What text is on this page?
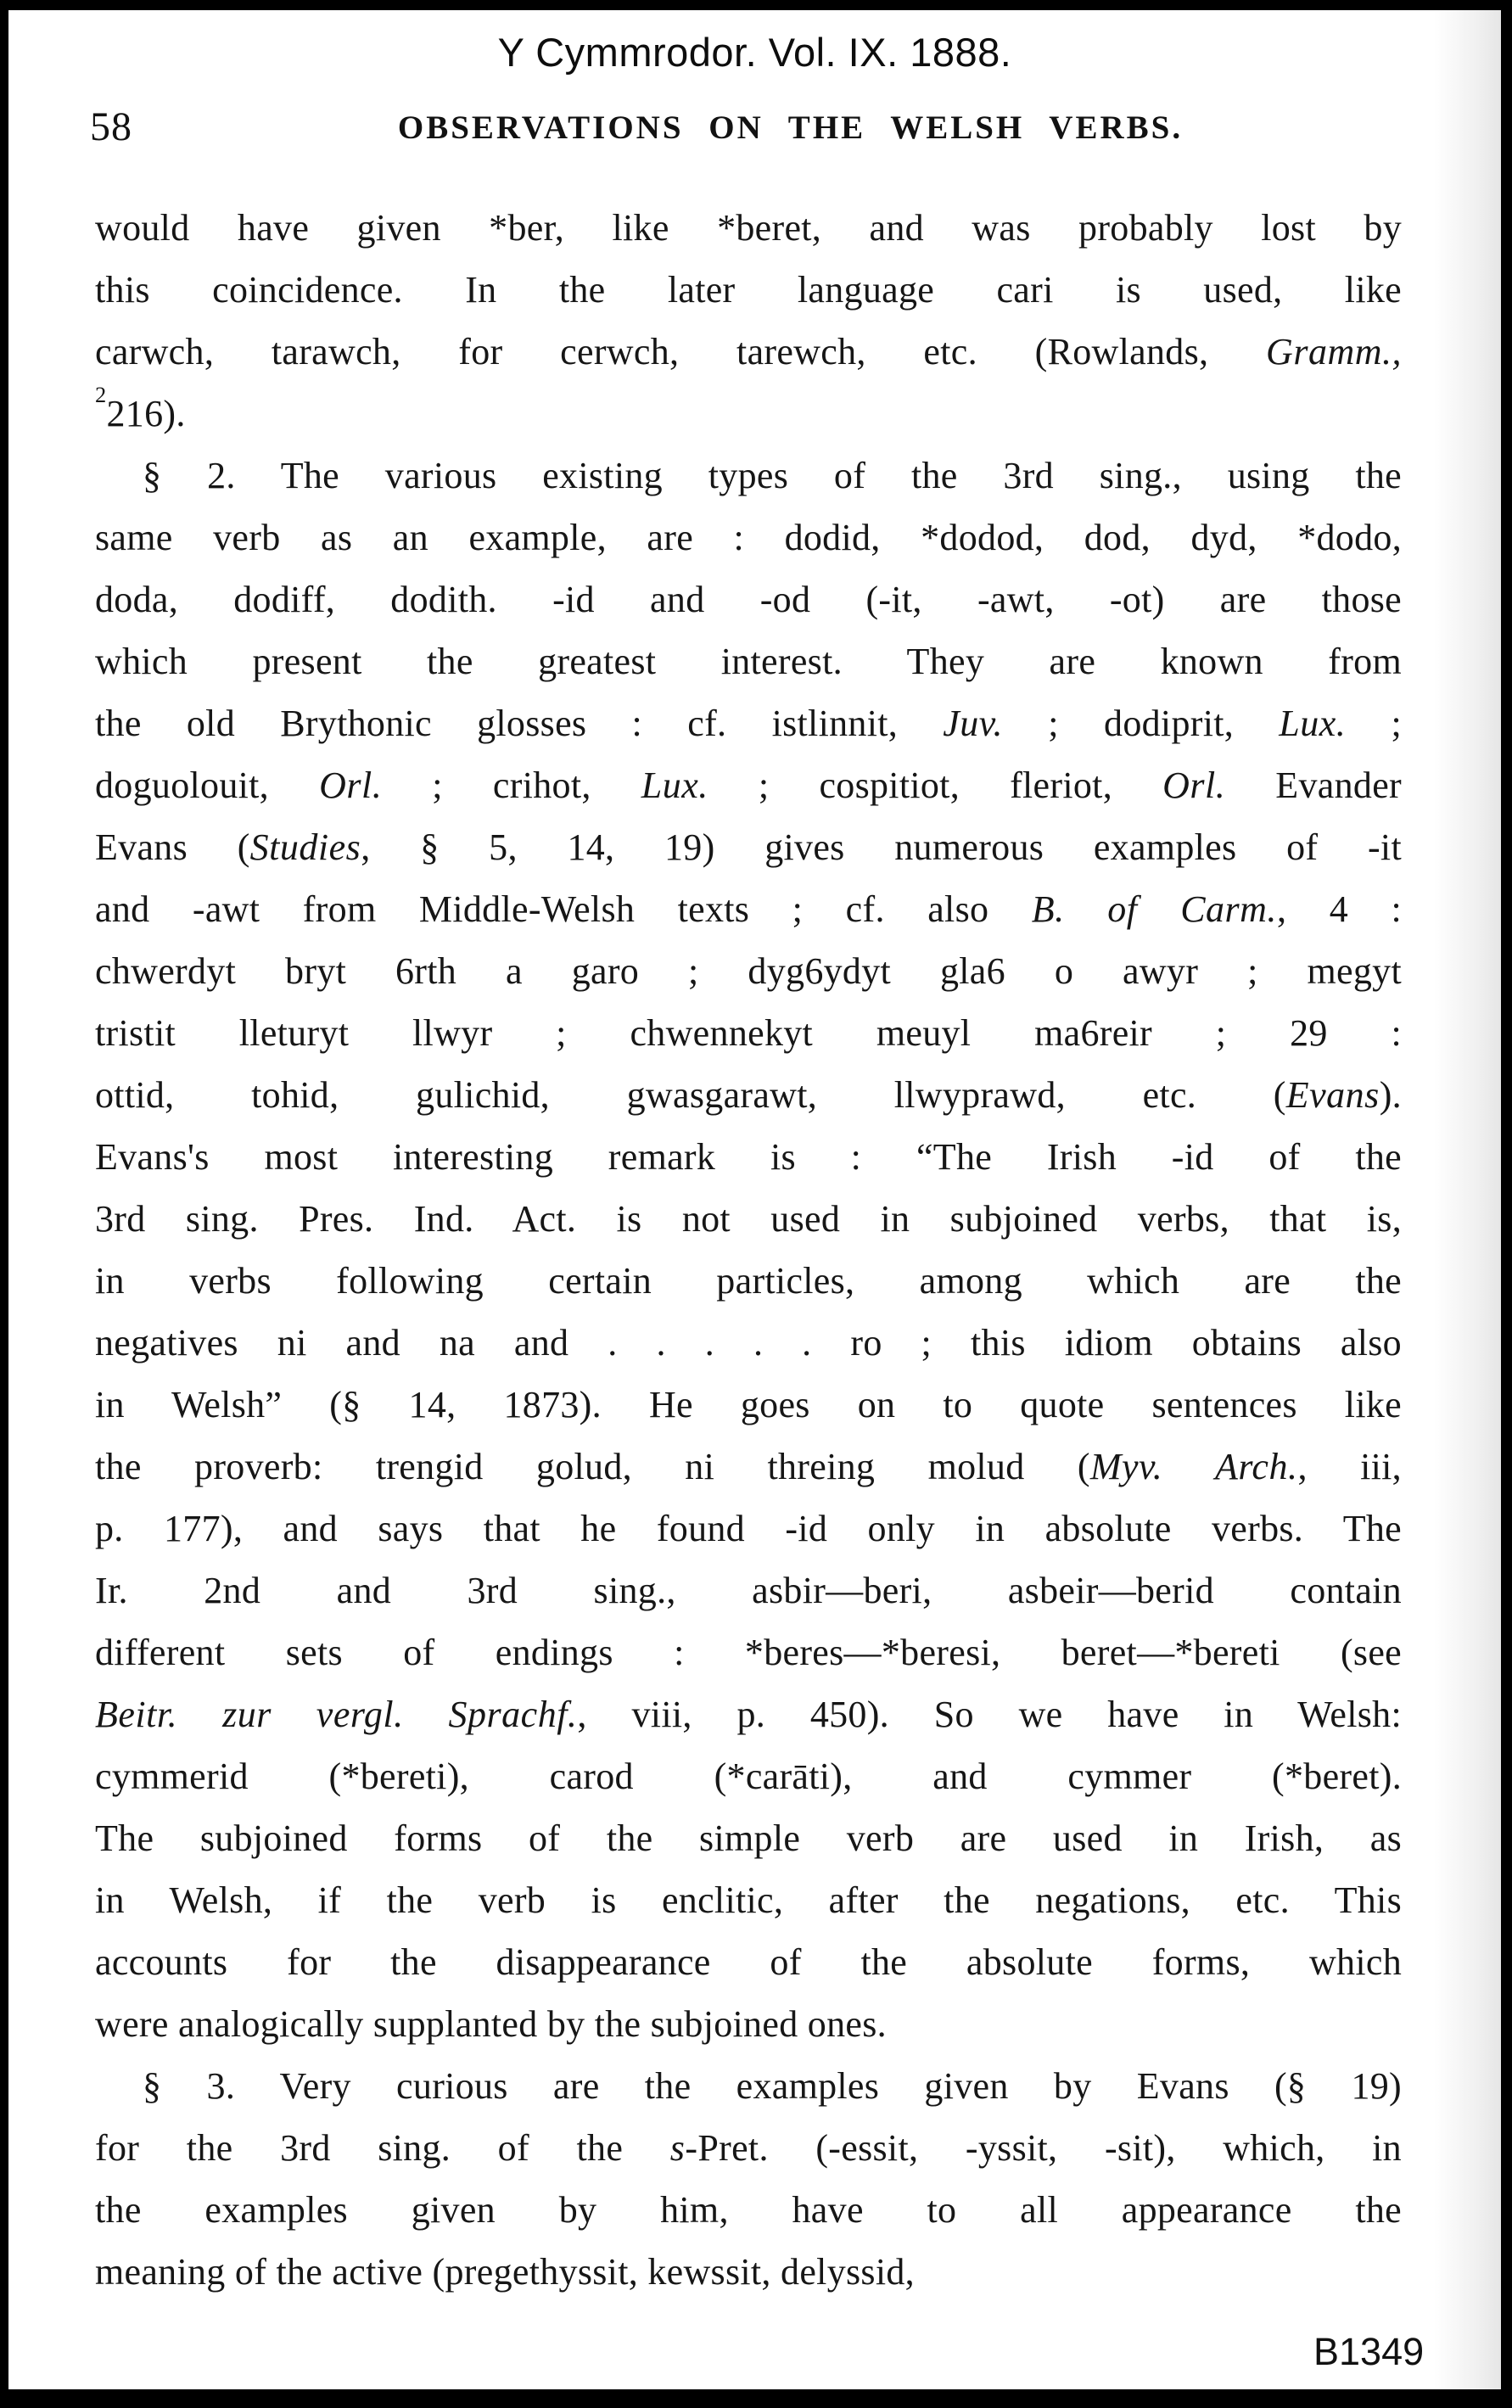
Y Cymmrodor. Vol. IX. 1888.
58	OBSERVATIONS ON THE WELSH VERBS.
would have given *ber, like *beret, and was probably lost by
this coincidence. In the later language cari is used, like
carwch, tarawch, for cerwch, tarewch, etc. (Rowlands, Gramm.,
$^2$216).
§ 2. The various existing types of the 3rd sing., using the
same verb as an example, are : dodid, *dodod, dod, dyd, *dodo,
doda, dodiff, dodith. -id and -od (-it, -awt, -ot) are those
which present the greatest interest. They are known from
the old Brythonic glosses : cf. istlinnit, Juv. ; dodiprit, Lux. ;
doguolouit, Orl. ; crihot, Lux. ; cospitiot, fleriot, Orl. Evander
Evans (Studies, § 5, 14, 19) gives numerous examples of -it
and -awt from Middle-Welsh texts ; cf. also B. of Carm., 4 :
chwerdyt bryt 6rth a garo ; dyg6ydyt gla6 o awyr ; megyt
tristit lleturyt llwyr ; chwennekyt meuyl ma6reir ; 29 :
ottid, tohid, gulichid, gwasgarawt, llwyprawd, etc. (Evans).
Evans's most interesting remark is : “The Irish -id of the
3rd sing. Pres. Ind. Act. is not used in subjoined verbs, that is,
in verbs following certain particles, among which are the
negatives ni and na and . . . . . ro ; this idiom obtains also
in Welsh” (§ 14, 1873). He goes on to quote sentences like
the proverb: trengid golud, ni threing molud (Myv. Arch., iii,
p. 177), and says that he found -id only in absolute verbs. The
Ir. 2nd and 3rd sing., asbir—beri, asbeir—berid contain
different sets of endings : *beres—*beresi, beret—*bereti (see
Beitr. zur vergl. Sprachf., viii, p. 450). So we have in Welsh:
cymmerid (*bereti), carod (*carāti), and cymmer (*beret).
The subjoined forms of the simple verb are used in Irish, as
in Welsh, if the verb is enclitic, after the negations, etc. This
accounts for the disappearance of the absolute forms, which
were analogically supplanted by the subjoined ones.
§ 3. Very curious are the examples given by Evans (§ 19)
for the 3rd sing. of the s-Pret. (-essit, -yssit, -sit), which, in
the examples given by him, have to all appearance the
meaning of the active (pregethyssit, kewssit, delyssid,
B1349
